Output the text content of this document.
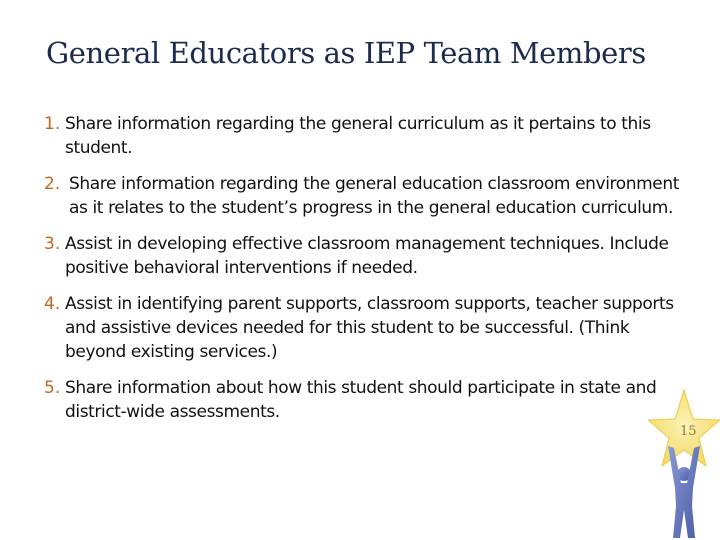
General Educators as IEP Team Members
1. Share information regarding the general curriculum as it pertains to this student.
2. Share information regarding the general education classroom environment as it relates to the student’s progress in the general education curriculum.
3. Assist in developing effective classroom management techniques. Include positive behavioral interventions if needed.
4. Assist in identifying parent supports, classroom supports, teacher supports and assistive devices needed for this student to be successful. (Think beyond existing services.)
5. Share information about how this student should participate in state and district-wide assessments.
15
